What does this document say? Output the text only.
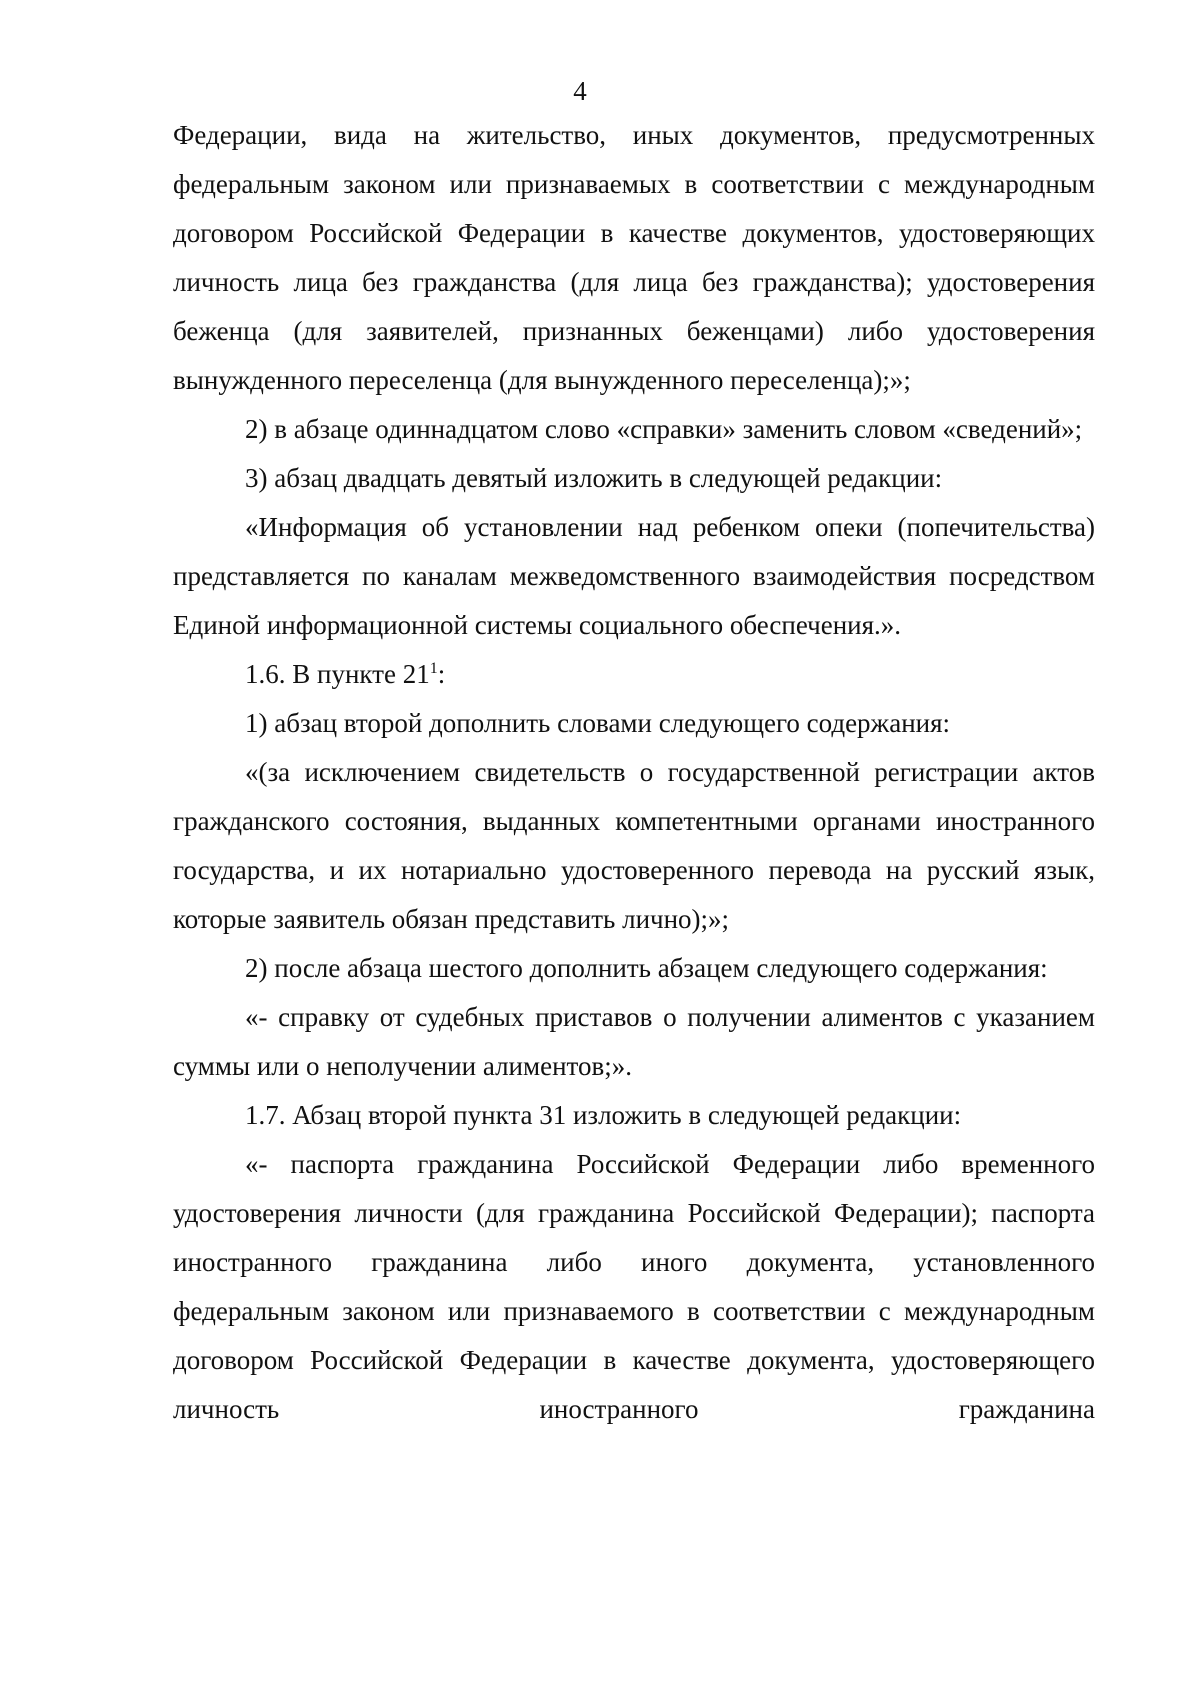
4

Федерации, вида на жительство, иных документов, предусмотренных федеральным законом или признаваемых в соответствии с международным договором Российской Федерации в качестве документов, удостоверяющих личность лица без гражданства (для лица без гражданства); удостоверения беженца (для заявителей, признанных беженцами) либо удостоверения вынужденного переселенца (для вынужденного переселенца);»;

2) в абзаце одиннадцатом слово «справки» заменить словом «сведений»;

3) абзац двадцать девятый изложить в следующей редакции:

«Информация об установлении над ребенком опеки (попечительства) представляется по каналам межведомственного взаимодействия посредством Единой информационной системы социального обеспечения.».

1.6. В пункте $21^1$:

1) абзац второй дополнить словами следующего содержания:

«(за исключением свидетельств о государственной регистрации актов гражданского состояния, выданных компетентными органами иностранного государства, и их нотариально удостоверенного перевода на русский язык, которые заявитель обязан представить лично);»;

2) после абзаца шестого дополнить абзацем следующего содержания:

«- справку от судебных приставов о получении алиментов с указанием суммы или о неполучении алиментов;».

1.7. Абзац второй пункта 31 изложить в следующей редакции:

«- паспорта гражданина Российской Федерации либо временного удостоверения личности (для гражданина Российской Федерации); паспорта иностранного гражданина либо иного документа, установленного федеральным законом или признаваемого в соответствии с международным договором Российской Федерации в качестве документа, удостоверяющего личность иностранного гражданина
